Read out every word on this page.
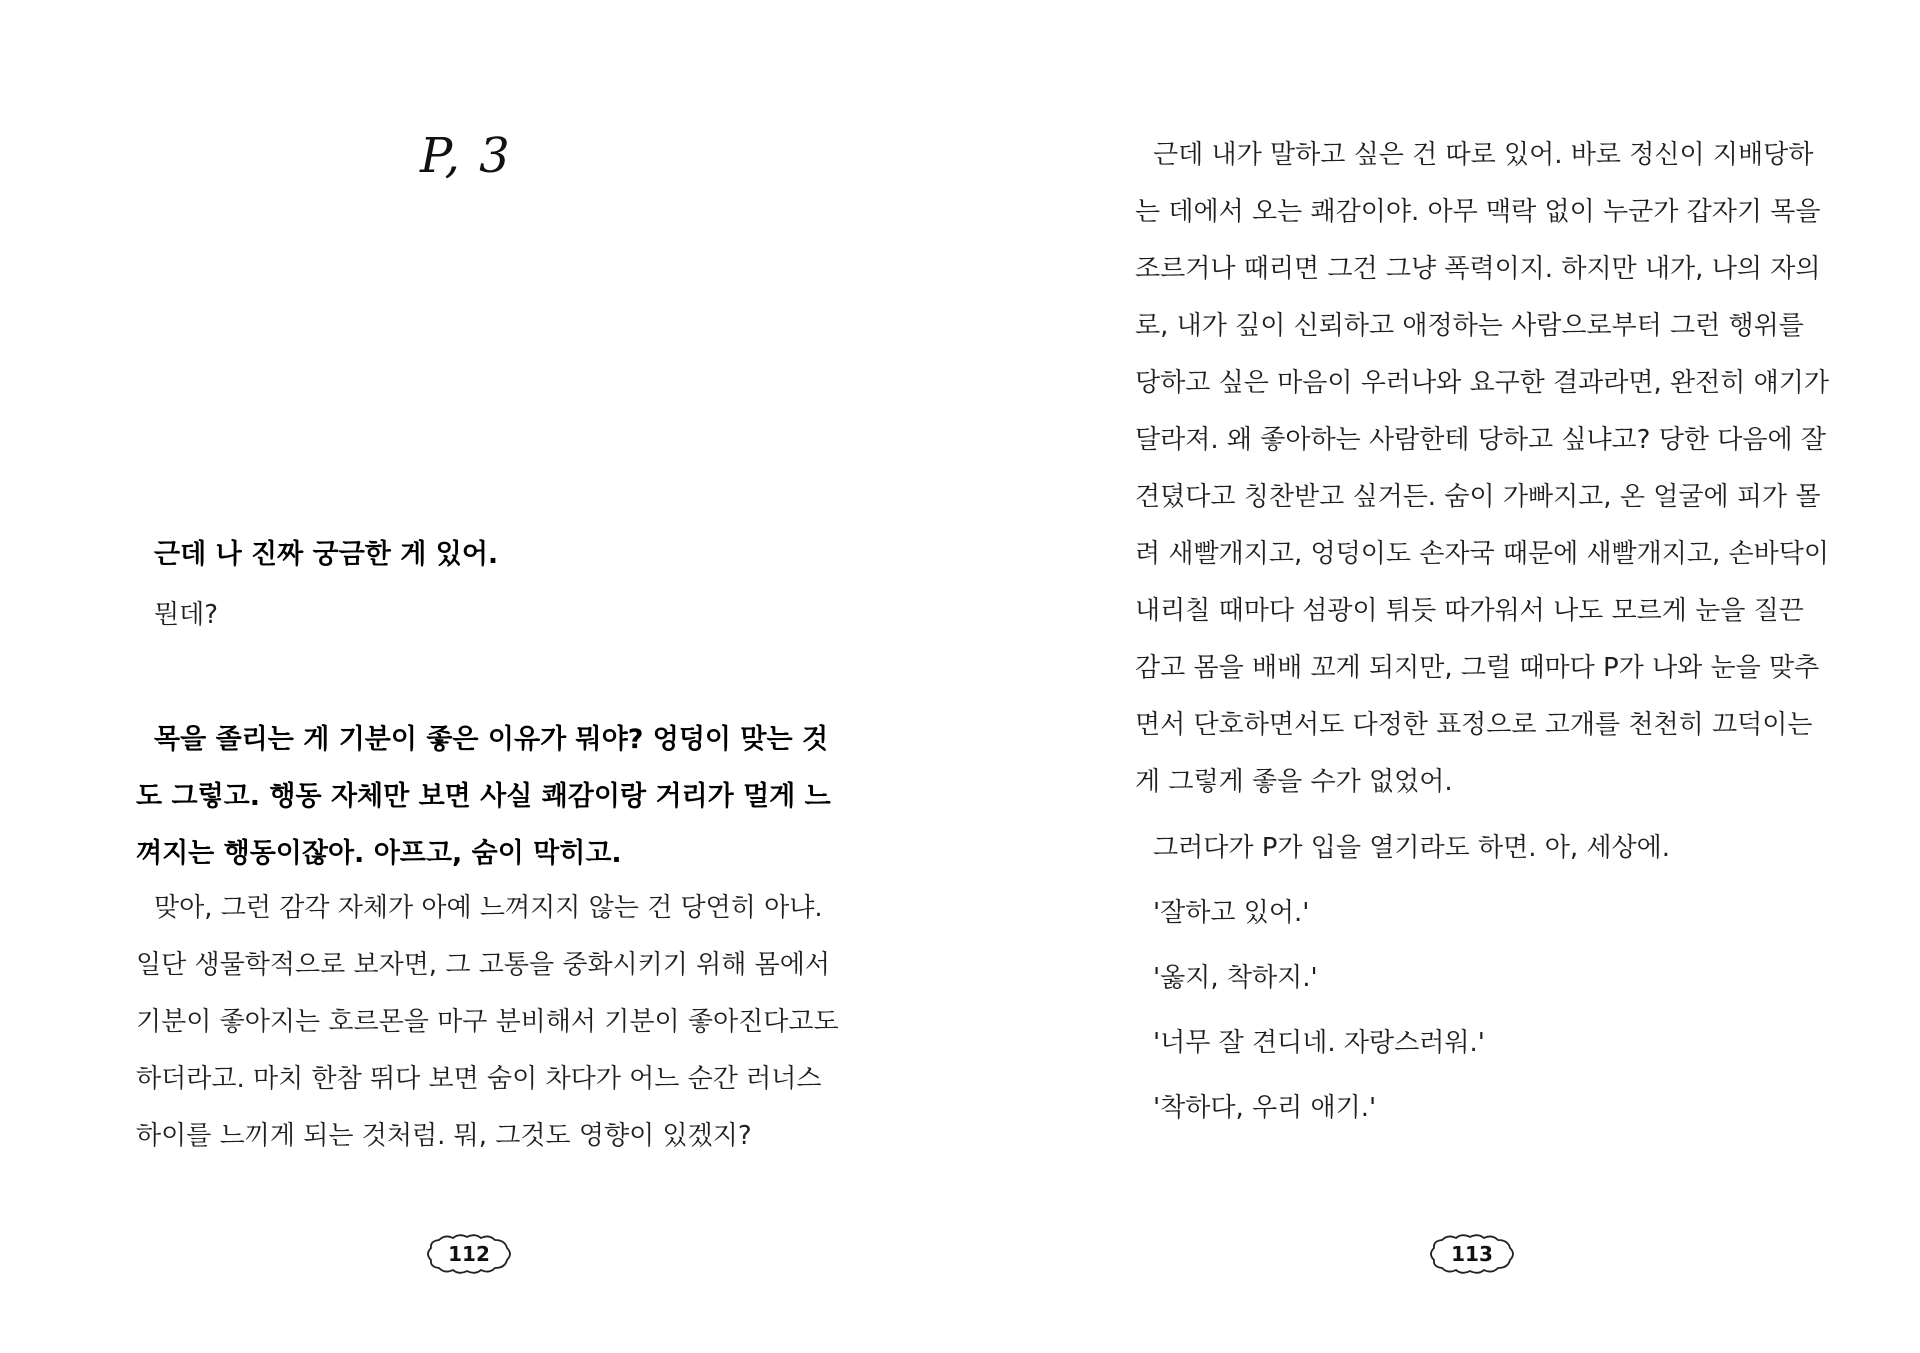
P, 3
근데 나 진짜 궁금한 게 있어.
뭔데?
목을 졸리는 게 기분이 좋은 이유가 뭐야? 엉덩이 맞는 것
도 그렇고. 행동 자체만 보면 사실 쾌감이랑 거리가 멀게 느
껴지는 행동이잖아. 아프고, 숨이 막히고.
맞아, 그런 감각 자체가 아예 느껴지지 않는 건 당연히 아냐.
일단 생물학적으로 보자면, 그 고통을 중화시키기 위해 몸에서
기분이 좋아지는 호르몬을 마구 분비해서 기분이 좋아진다고도
하더라고. 마치 한참 뛰다 보면 숨이 차다가 어느 순간 러너스
하이를 느끼게 되는 것처럼. 뭐, 그것도 영향이 있겠지?
112
근데 내가 말하고 싶은 건 따로 있어. 바로 정신이 지배당하
는 데에서 오는 쾌감이야. 아무 맥락 없이 누군가 갑자기 목을
조르거나 때리면 그건 그냥 폭력이지. 하지만 내가, 나의 자의
로, 내가 깊이 신뢰하고 애정하는 사람으로부터 그런 행위를
당하고 싶은 마음이 우러나와 요구한 결과라면, 완전히 얘기가
달라져. 왜 좋아하는 사람한테 당하고 싶냐고? 당한 다음에 잘
견뎠다고 칭찬받고 싶거든. 숨이 가빠지고, 온 얼굴에 피가 몰
려 새빨개지고, 엉덩이도 손자국 때문에 새빨개지고, 손바닥이
내리칠 때마다 섬광이 튀듯 따가워서 나도 모르게 눈을 질끈
감고 몸을 배배 꼬게 되지만, 그럴 때마다 P가 나와 눈을 맞추
면서 단호하면서도 다정한 표정으로 고개를 천천히 끄덕이는
게 그렇게 좋을 수가 없었어.
그러다가 P가 입을 열기라도 하면. 아, 세상에.
'잘하고 있어.'
'옳지, 착하지.'
'너무 잘 견디네. 자랑스러워.'
'착하다, 우리 애기.'
113
